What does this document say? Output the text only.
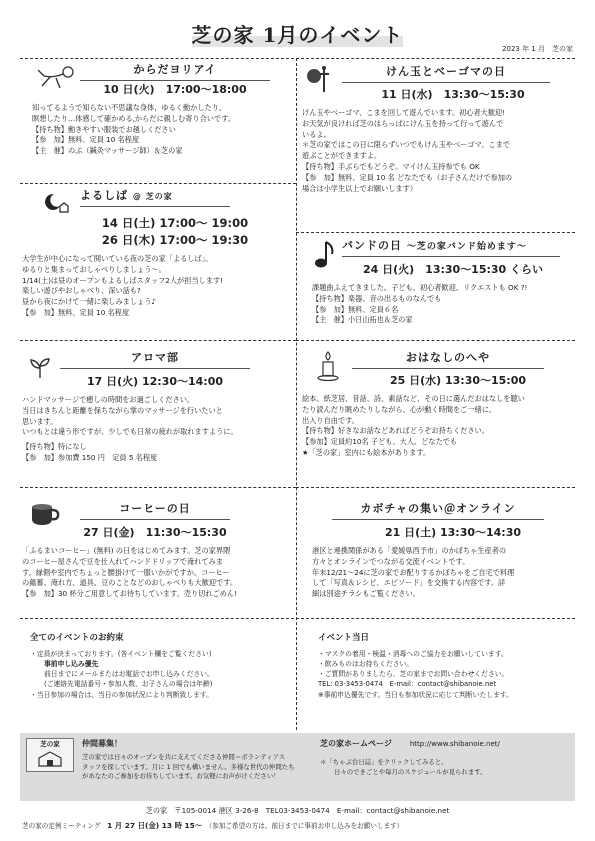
芝の家 1月のイベント
2023 年 1 月　芝の家
からだヨリアイ
10 日(火)　17:00～18:00

知ってるようで知らない不思議な身体，ゆるく動かしたり、

瞑想したり…体感して確かめる,からだに親しむ寄り合いです。

【持ち物】動きやすい服装でお越しください

【参　加】無料、定員 10 名程度

【主　催】のぶ（鍼灸マッサージ師）＆芝の家

よるしば @ 芝の家
14 日(土) 17:00～ 19:00
26 日(木) 17:00～ 19:30

大学生が中心になって開いている夜の芝の家「よるしば」。

ゆるりと集まっておしゃべりしましょう～。

1/14(土)は昼のオープンもよるしばスタッフ2人が担当します!

楽しい遊びやおしゃべり、深い話も?

昼から夜にかけて一緒に楽しみましょう♪

【参　加】無料、定員 10 名程度

アロマ部
17 日(火) 12:30～14:00

ハンドマッサージで癒しの時間をお過ごしください。

当日はきちんと距離を保ちながら掌のマッサージを行いたいと

思います。

いつもとは違う形ですが、少しでも日常の疲れが取れますように。

【持ち物】特になし

【参　加】参加費 150 円　定員 5 名程度

コーヒーの日
27 日(金)　11:30～15:30

「ふるまいコーヒー」(無料) の日をはじめてみます。芝の家界隈

のコーヒー屋さんで豆を仕入れてハンドドリップで淹れてみま

す。縁側や室内でちょっと腰掛けて一服いかがですか。コーヒー

の蘊蓄、淹れ方、道具、豆のことなどのおしゃべりも大歓迎です。

【参　加】30 杯分ご用意してお待ちしています。売り切れごめん!

けん玉とベーゴマの日
11 日(水)　13:30～15:30

けん玉やベーゴマ、こまを回して遊んでいます。初心者大歓迎!

お天気が良ければ芝のはらっぱにけん玉を持って行って遊んで

いるよ。

＊芝の家ではこの日に限らずいつでもけん玉やベーゴマ、こまで

遊ぶことができますよ。

【持ち物】手ぶらでもどうぞ。マイけん玉持参でも OK

【参　加】無料、定員 10 名 どなたでも（お子さんだけで参加の

場合は小学生以上でお願いします）

バンドの日 ～芝の家バンド始めます～
24 日(火)　13:30～15:30 くらい

課題曲ふえてきました。子ども、初心者歓迎、リクエストも OK ?!

【持ち物】楽器、音の出るものなんでも

【参　加】無料、定員６名

【主　催】小日山拓也＆芝の家

おはなしのへや
25 日(水) 13:30～15:00

絵本、紙芝居、昔話、詩、素話など、その日に選んだおはなしを聴い

たり読んだり眺めたりしながら、心が動く時間をご一緒に。

出入り自由です。

【持ち物】好きなお話などあればどうぞお持ちください。

【参加】定員約10名 子ども、大人、どなたでも

★「芝の家」室内にも絵本があります。

カボチャの集い＠オンライン
21 日(土) 13:30～14:30

港区と連携関係がある「愛媛県西予市」のかぼちゃ生産者の

方々とオンラインでつながる交流イベントです。

年末12/21～24に芝の家でお配りするかぼちゃをご自宅で料理

して「写真＆レシピ、エピソード」を交換する内容です。詳

細は別途チラシもご覧ください。

全てのイベントのお約束

・定員が決まっております。(各イベント欄をご覧ください)

事前申し込み優先

前日までにメールまたはお電話でお申し込みください。

(ご連絡先電話番号・参加人数、お子さんの場合は年齢)

・当日参加の場合は、当日の参加状況により判断致します。

イベント当日

・マスクの着用・検温・消毒へのご協力をお願いしています。

・飲みものはお持ちください。

・ご質問がありましたら、芝の家までお問い合わせください。

TEL: 03-3453-0474　E-mail：contact@shibanoie.net

※事前申込優先です。当日も参加状況に応じて判断いたします。

芝の家	仲間募集！

芝の家では日々のオープンを共に支えてくださる仲間＝ボランティアス

タッフを探しています。月に 1 回でも構いません。多様な世代の仲間たち

があなたのご参加をお待ちしています。お気軽にお声がけください！

芝の家ホームページ	http://www.shibanoie.net/

＊「ちゃぶ台日誌」をクリックしてみると、

日々のできごとや毎月のスケジュールが見られます。

芝の家　〒105-0014 港区 3-26-8　TEL03-3453-0474　E-mail：contact@shibanoie.net
芝の家の定例ミーティング　 1 月 27 日(金) 13 時 15～　 （参加ご希望の方は、前日までに事前お申し込みをお願いします）
